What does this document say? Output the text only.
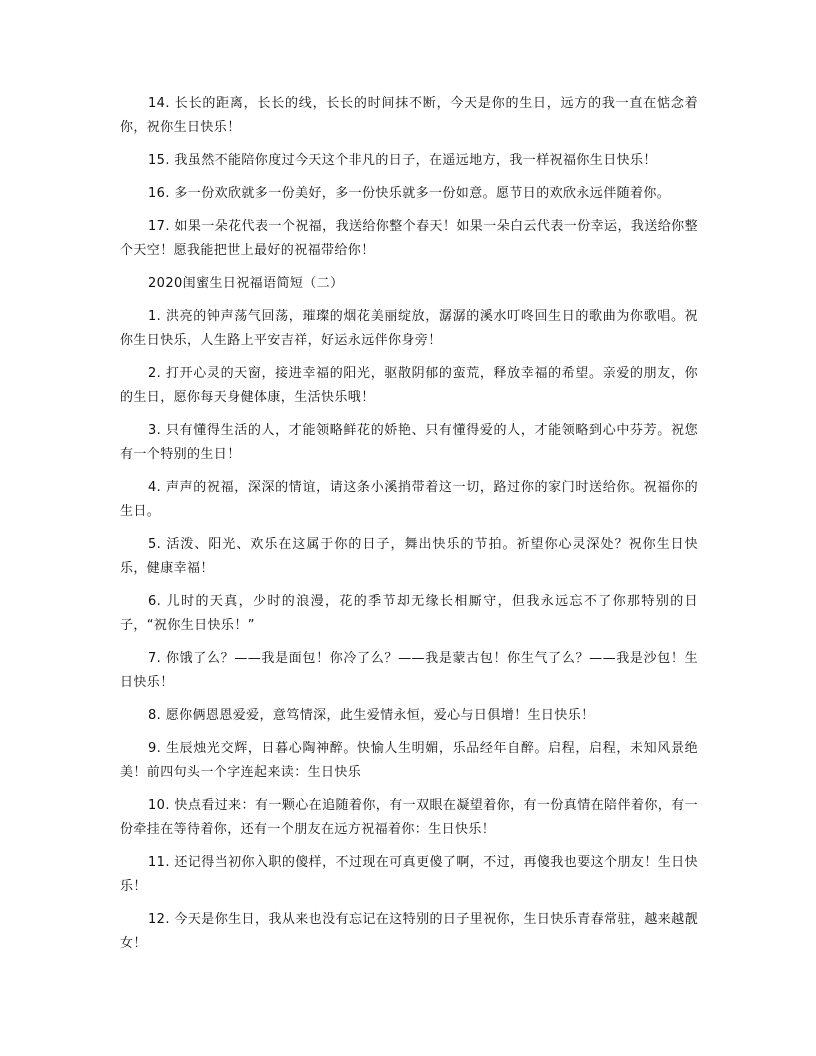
14. 长长的距离，长长的线，长长的时间抹不断，今天是你的生日，远方的我一直在惦念着你，祝你生日快乐！

15. 我虽然不能陪你度过今天这个非凡的日子，在遥远地方，我一样祝福你生日快乐！

16. 多一份欢欣就多一份美好，多一份快乐就多一份如意。愿节日的欢欣永远伴随着你。

17. 如果一朵花代表一个祝福，我送给你整个春天！如果一朵白云代表一份幸运，我送给你整个天空！愿我能把世上最好的祝福带给你！

2020闺蜜生日祝福语简短（二）

1. 洪亮的钟声荡气回荡，璀璨的烟花美丽绽放，潺潺的溪水叮咚回生日的歌曲为你歌唱。祝你生日快乐，人生路上平安吉祥，好运永远伴你身旁！

2. 打开心灵的天窗，接进幸福的阳光，驱散阴郁的蛮荒，释放幸福的希望。亲爱的朋友，你的生日，愿你每天身健体康，生活快乐哦！

3. 只有懂得生活的人，才能领略鲜花的娇艳、只有懂得爱的人，才能领略到心中芬芳。祝您有一个特别的生日！

4. 声声的祝福，深深的情谊，请这条小溪捎带着这一切，路过你的家门时送给你。祝福你的生日。

5. 活泼、阳光、欢乐在这属于你的日子，舞出快乐的节拍。祈望你心灵深处？祝你生日快乐，健康幸福！

6. 儿时的天真，少时的浪漫，花的季节却无缘长相厮守，但我永远忘不了你那特别的日子，“祝你生日快乐！”

7. 你饿了么？——我是面包！你冷了么？——我是蒙古包！你生气了么？——我是沙包！生日快乐！

8. 愿你俩恩恩爱爱，意笃情深，此生爱情永恒，爱心与日俱增！生日快乐！

9. 生辰烛光交辉，日暮心陶神醉。快愉人生明媚，乐品经年自醉。启程，启程，未知风景绝美！前四句头一个字连起来读：生日快乐

10. 快点看过来：有一颗心在追随着你，有一双眼在凝望着你，有一份真情在陪伴着你，有一份牵挂在等待着你，还有一个朋友在远方祝福着你：生日快乐！

11. 还记得当初你入职的傻样，不过现在可真更傻了啊，不过，再傻我也要这个朋友！生日快乐！

12. 今天是你生日，我从来也没有忘记在这特别的日子里祝你，生日快乐青春常驻，越来越靓女！
